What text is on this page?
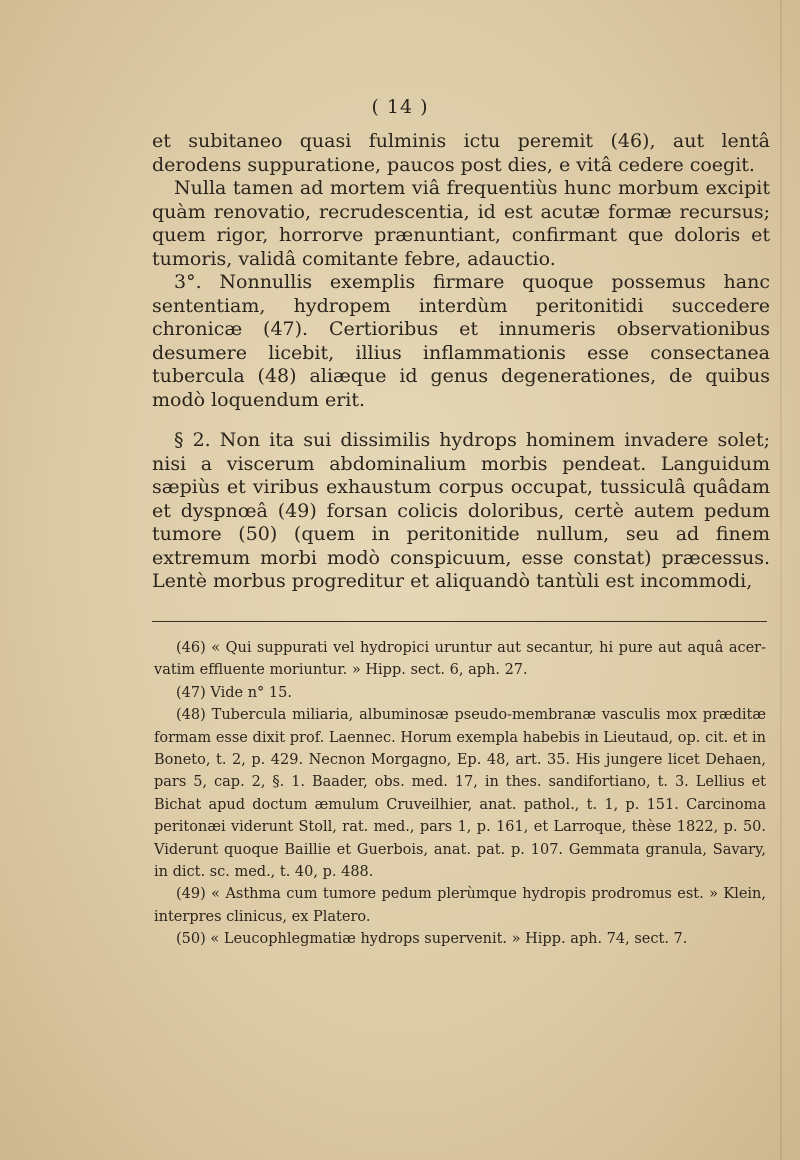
( 14 )

et subitaneo quasi fulminis ictu peremit (46), aut lentâ derodens suppuratione, paucos post dies, e vitâ cedere coegit.

Nulla tamen ad mortem viâ frequentiùs hunc morbum excipit quàm renovatio, recrudescentia, id est acutæ formæ recursus; quem rigor, horrorve prænuntiant, confirmant que doloris et tumoris, validâ comitante febre, adauctio.

3°. Nonnullis exemplis firmare quoque possemus hanc sententiam, hydropem interdùm peritonitidi succedere chronicæ (47). Certioribus et innumeris observationibus desumere licebit, illius inflammationis esse consectanea tubercula (48) aliæque id genus degenerationes, de quibus modò loquendum erit.

§ 2. Non ita sui dissimilis hydrops hominem invadere solet; nisi a viscerum abdominalium morbis pendeat. Languidum sæpiùs et viribus exhaustum corpus occupat, tussiculâ quâdam et dyspnœâ (49) forsan colicis doloribus, certè autem pedum tumore (50) (quem in peritonitide nullum, seu ad finem extremum morbi modò conspicuum, esse constat) præcessus. Lentè morbus progreditur et aliquandò tantùli est incommodi,

(46) « Qui suppurati vel hydropici uruntur aut secantur, hi pure aut aquâ acervatim effluente moriuntur. » Hipp. sect. 6, aph. 27.

(47) Vide n° 15.

(48) Tubercula miliaria, albuminosæ pseudo-membranæ vasculis mox præditæ formam esse dixit prof. Laennec. Horum exempla habebis in Lieutaud, op. cit. et in Boneto, t. 2, p. 429. Necnon Morgagno, Ep. 48, art. 35. His jungere licet Dehaen, pars 5, cap. 2, §. 1. Baader, obs. med. 17, in thes. sandifortiano, t. 3. Lellius et Bichat apud doctum æmulum Cruveilhier, anat. pathol., t. 1, p. 151. Carcinoma peritonæi viderunt Stoll, rat. med., pars 1, p. 161, et Larroque, thèse 1822, p. 50. Viderunt quoque Baillie et Guerbois, anat. pat. p. 107. Gemmata granula, Savary, in dict. sc. med., t. 40, p. 488.

(49) « Asthma cum tumore pedum plerùmque hydropis prodromus est. » Klein, interpres clinicus, ex Platero.

(50) « Leucophlegmatiæ hydrops supervenit. » Hipp. aph. 74, sect. 7.
